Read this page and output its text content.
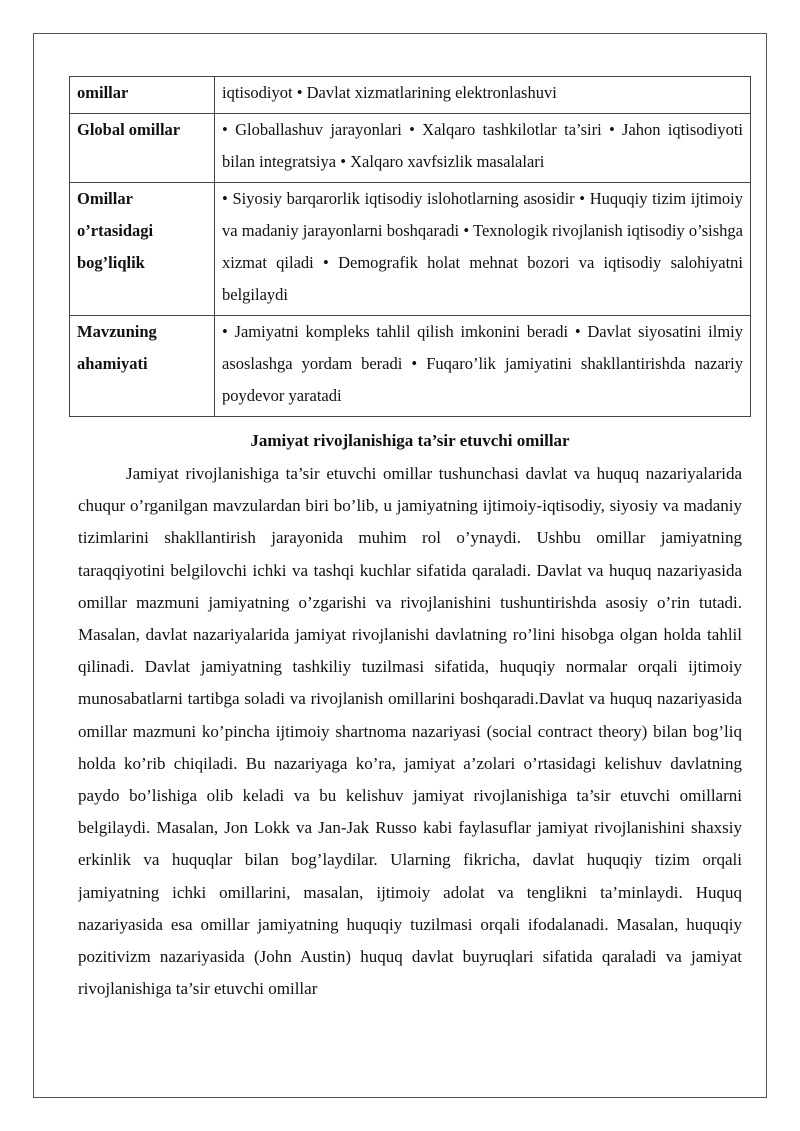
omillar	iqtisodiyot • Davlat xizmatlarining elektronlashuvi
Global omillar	• Globallashuv jarayonlari • Xalqaro tashkilotlar ta’siri • Jahon iqtisodiyoti bilan integratsiya • Xalqaro xavfsizlik masalalari
Omillar o’rtasidagi bog’liqlik	• Siyosiy barqarorlik iqtisodiy islohotlarning asosidir • Huquqiy tizim ijtimoiy va madaniy jarayonlarni boshqaradi • Texnologik rivojlanish iqtisodiy o’sishga xizmat qiladi • Demografik holat mehnat bozori va iqtisodiy salohiyatni belgilaydi
Mavzuning ahamiyati	• Jamiyatni kompleks tahlil qilish imkonini beradi • Davlat siyosatini ilmiy asoslashga yordam beradi • Fuqaro’lik jamiyatini shakllantirishda nazariy poydevor yaratadi
Jamiyat rivojlanishiga ta’sir etuvchi omillar

Jamiyat rivojlanishiga ta’sir etuvchi omillar tushunchasi davlat va huquq nazariyalarida chuqur o’rganilgan mavzulardan biri bo’lib, u jamiyatning ijtimoiy-iqtisodiy, siyosiy va madaniy tizimlarini shakllantirish jarayonida muhim rol o’ynaydi. Ushbu omillar jamiyatning taraqqiyotini belgilovchi ichki va tashqi kuchlar sifatida qaraladi. Davlat va huquq nazariyasida omillar mazmuni jamiyatning o’zgarishi va rivojlanishini tushuntirishda asosiy o’rin tutadi. Masalan, davlat nazariyalarida jamiyat rivojlanishi davlatning ro’lini hisobga olgan holda tahlil qilinadi. Davlat jamiyatning tashkiliy tuzilmasi sifatida, huquqiy normalar orqali ijtimoiy munosabatlarni tartibga soladi va rivojlanish omillarini boshqaradi.Davlat va huquq nazariyasida omillar mazmuni ko’pincha ijtimoiy shartnoma nazariyasi (social contract theory) bilan bog’liq holda ko’rib chiqiladi. Bu nazariyaga ko’ra, jamiyat a’zolari o’rtasidagi kelishuv davlatning paydo bo’lishiga olib keladi va bu kelishuv jamiyat rivojlanishiga ta’sir etuvchi omillarni belgilaydi. Masalan, Jon Lokk va Jan-Jak Russo kabi faylasuflar jamiyat rivojlanishini shaxsiy erkinlik va huquqlar bilan bog’laydilar. Ularning fikricha, davlat huquqiy tizim orqali jamiyatning ichki omillarini, masalan, ijtimoiy adolat va tenglikni ta’minlaydi. Huquq nazariyasida esa omillar jamiyatning huquqiy tuzilmasi orqali ifodalanadi. Masalan, huquqiy pozitivizm nazariyasida (John Austin) huquq davlat buyruqlari sifatida qaraladi va jamiyat rivojlanishiga ta’sir etuvchi omillar
